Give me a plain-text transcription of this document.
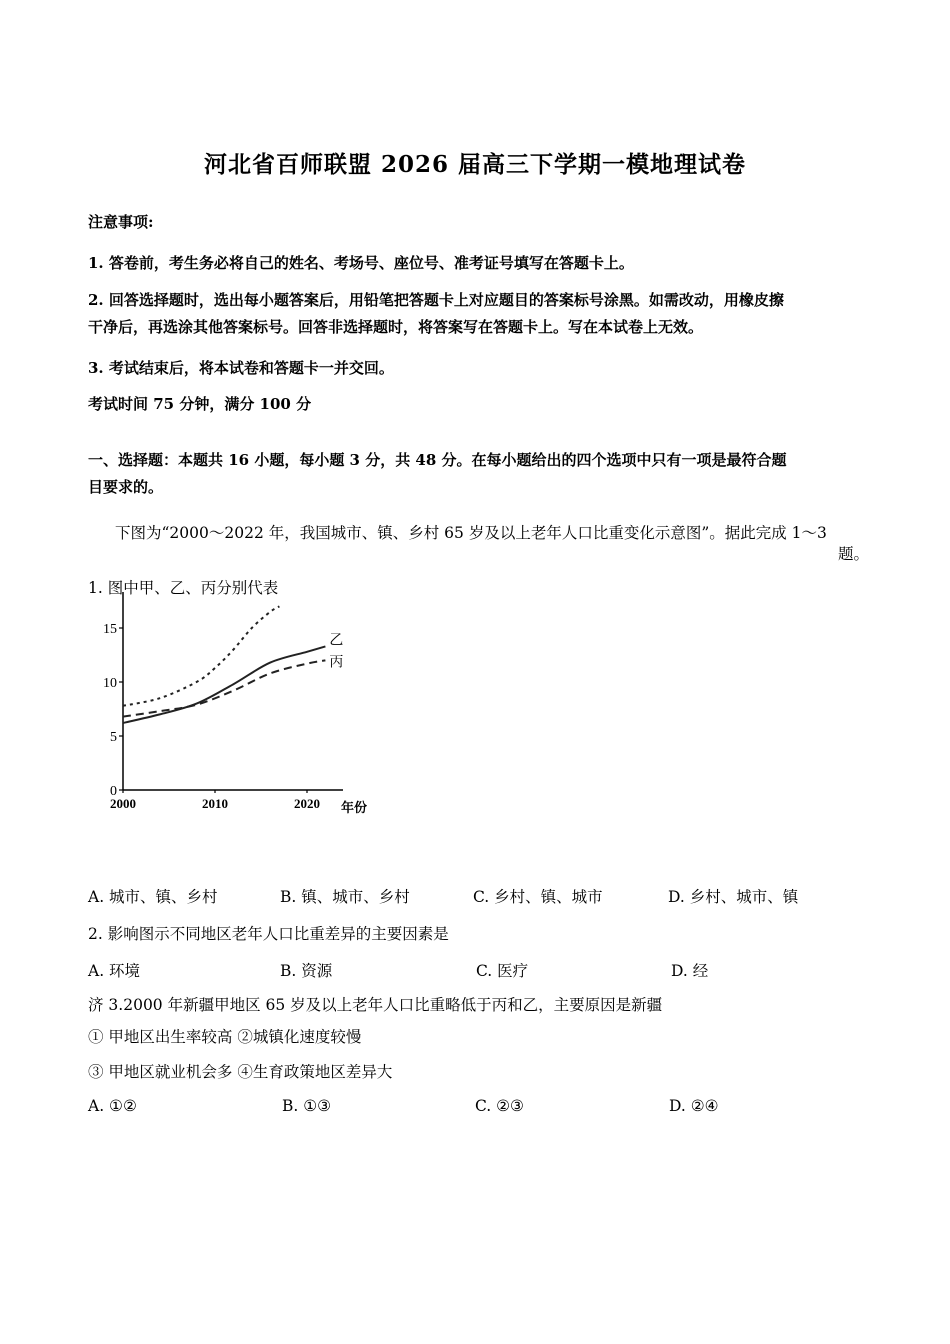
河北省百师联盟 2026 届高三下学期一模地理试卷
注意事项:
1. 答卷前，考生务必将自己的姓名、考场号、座位号、准考证号填写在答题卡上。
2. 回答选择题时，选出每小题答案后，用铅笔把答题卡上对应题目的答案标号涂黑。如需改动，用橡皮擦
干净后，再选涂其他答案标号。回答非选择题时，将答案写在答题卡上。写在本试卷上无效。
3. 考试结束后，将本试卷和答题卡一并交回。
考试时间 75 分钟，满分 100 分
一、选择题：本题共 16 小题，每小题 3 分，共 48 分。在每小题给出的四个选项中只有一项是最符合题
目要求的。
下图为“2000～2022 年，我国城市、镇、乡村 65 岁及以上老年人口比重变化示意图”。据此完成 1～3
题。
1. 图中甲、乙、丙分别代表
0
5
10
15
2000	2010	2020 年份
乙
丙
A. 城市、镇、乡村	B. 镇、城市、乡村	C. 乡村、镇、城市	D. 乡村、城市、镇
2. 影响图示不同地区老年人口比重差异的主要因素是
A. 环境	B. 资源	C. 医疗	D. 经
济 3.2000 年新疆甲地区 65 岁及以上老年人口比重略低于丙和乙，主要原因是新疆
① 甲地区出生率较高 ②城镇化速度较慢
③ 甲地区就业机会多 ④生育政策地区差异大
A. ①②	B. ①③	C. ②③	D. ②④
